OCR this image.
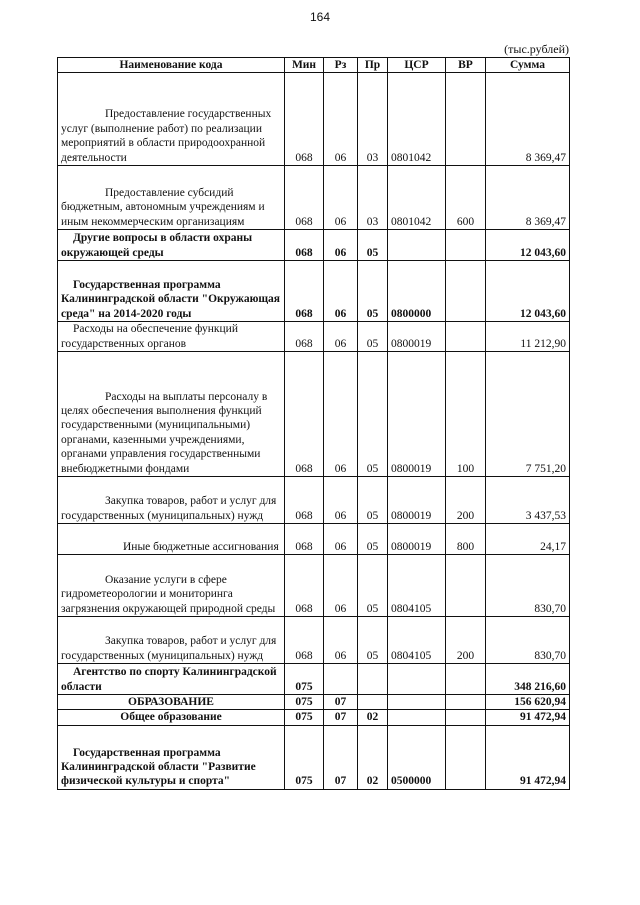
164
(тыс.рублей)
Наименование кода	Мин	Рз	Пр	ЦСР	ВР	Сумма
Предоставление государственных услуг (выполнение работ) по реализации мероприятий в области природоохранной деятельности	068	06	03	0801042		8 369,47
Предоставление субсидий бюджетным, автономным учреждениям и иным некоммерческим организациям	068	06	03	0801042	600	8 369,47
Другие вопросы в области охраны окружающей среды	068	06	05			12 043,60
Государственная программа Калининградской области "Окружающая среда" на 2014-2020 годы	068	06	05	0800000		12 043,60
Расходы на обеспечение функций государственных органов	068	06	05	0800019		11 212,90
Расходы на выплаты персоналу в целях обеспечения выполнения функций государственными (муниципальными) органами, казенными учреждениями, органами управления государственными внебюджетными фондами	068	06	05	0800019	100	7 751,20
Закупка товаров, работ и услуг для государственных (муниципальных) нужд	068	06	05	0800019	200	3 437,53
Иные бюджетные ассигнования	068	06	05	0800019	800	24,17
Оказание услуги в сфере гидрометеорологии и мониторинга загрязнения окружающей природной среды	068	06	05	0804105		830,70
Закупка товаров, работ и услуг для государственных (муниципальных) нужд	068	06	05	0804105	200	830,70
Агентство по спорту Калининградской области	075					348 216,60
ОБРАЗОВАНИЕ	075	07				156 620,94
Общее образование	075	07	02			91 472,94
Государственная программа Калининградской области "Развитие физической культуры и спорта"	075	07	02	0500000		91 472,94
